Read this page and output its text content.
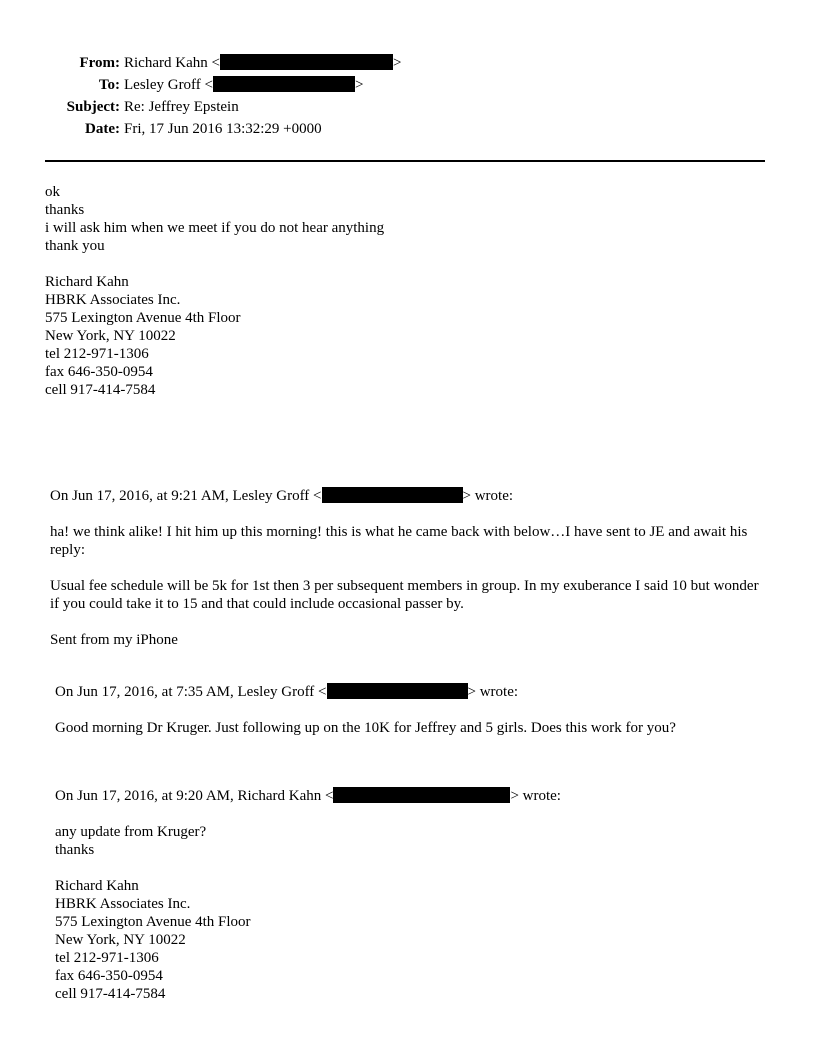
From: Richard Kahn <	>
To: Lesley Groff <	>
Subject: Re: Jeffrey Epstein
Date: Fri, 17 Jun 2016 13:32:29 +0000
ok
thanks
i will ask him when we meet if you do not hear anything
thank you
Richard Kahn
HBRK Associates Inc.
575 Lexington Avenue 4th Floor
New York, NY 10022
tel 212-971-1306
fax 646-350-0954
cell 917-414-7584
On Jun 17, 2016, at 9:21 AM, Lesley Groff <	> wrote:
ha! we think alike! I hit him up this morning! this is what he came back with below…I have sent to JE and await his reply:
Usual fee schedule will be 5k for 1st then 3 per subsequent members in group. In my exuberance I said 10 but wonder if you could take it to 15 and that could include occasional passer by.
Sent from my iPhone
On Jun 17, 2016, at 7:35 AM, Lesley Groff <	> wrote:
Good morning Dr Kruger. Just following up on the 10K for Jeffrey and 5 girls. Does this work for you?
On Jun 17, 2016, at 9:20 AM, Richard Kahn <	> wrote:
any update from Kruger?
thanks
Richard Kahn
HBRK Associates Inc.
575 Lexington Avenue 4th Floor
New York, NY 10022
tel 212-971-1306
fax 646-350-0954
cell 917-414-7584
